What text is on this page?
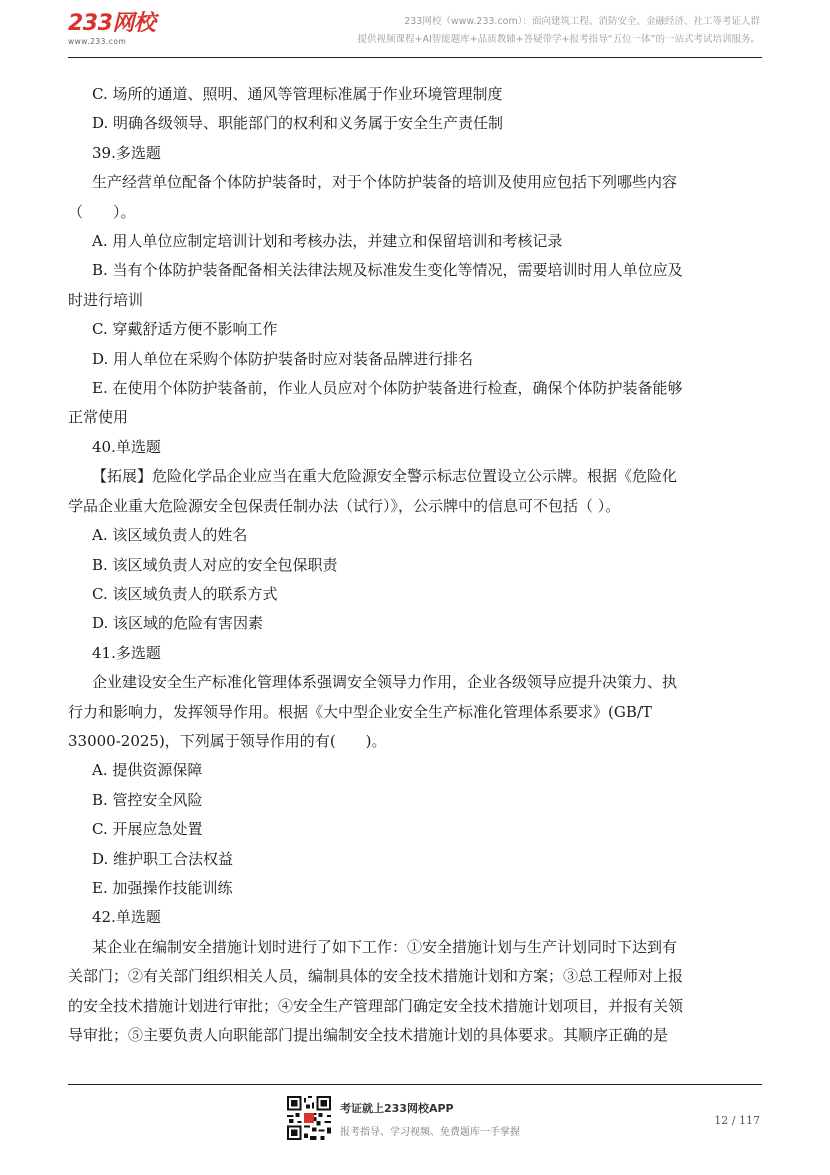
233网校
www.233.com
233网校（www.233.com）：面向建筑工程、消防安全、金融经济、社工等考证人群
提供视频课程+AI智能题库+品质教辅+答疑带学+报考指导“五位一体”的一站式考试培训服务。
C. 场所的通道、照明、通风等管理标准属于作业环境管理制度
D. 明确各级领导、职能部门的权利和义务属于安全生产责任制
39.多选题
生产经营单位配备个体防护装备时，对于个体防护装备的培训及使用应包括下列哪些内容
（　　）。
A. 用人单位应制定培训计划和考核办法，并建立和保留培训和考核记录
B. 当有个体防护装备配备相关法律法规及标准发生变化等情况，需要培训时用人单位应及
时进行培训
C. 穿戴舒适方便不影响工作
D. 用人单位在采购个体防护装备时应对装备品牌进行排名
E. 在使用个体防护装备前，作业人员应对个体防护装备进行检查，确保个体防护装备能够
正常使用
40.单选题
【拓展】危险化学品企业应当在重大危险源安全警示标志位置设立公示牌。根据《危险化
学品企业重大危险源安全包保责任制办法（试行）》，公示牌中的信息可不包括（ ）。
A. 该区域负责人的姓名
B. 该区域负责人对应的安全包保职责
C. 该区域负责人的联系方式
D. 该区域的危险有害因素
41.多选题
企业建设安全生产标准化管理体系强调安全领导力作用，企业各级领导应提升决策力、执
行力和影响力，发挥领导作用。根据《大中型企业安全生产标准化管理体系要求》(GB/T
33000-2025)，下列属于领导作用的有(　　)。
A. 提供资源保障
B. 管控安全风险
C. 开展应急处置
D. 维护职工合法权益
E. 加强操作技能训练
42.单选题
某企业在编制安全措施计划时进行了如下工作：①安全措施计划与生产计划同时下达到有
关部门；②有关部门组织相关人员，编制具体的安全技术措施计划和方案；③总工程师对上报
的安全技术措施计划进行审批；④安全生产管理部门确定安全技术措施计划项目，并报有关领
导审批；⑤主要负责人向职能部门提出编制安全技术措施计划的具体要求。其顺序正确的是
考证就上233网校APP
报考指导、学习视频、免费题库一手掌握
12 / 117
